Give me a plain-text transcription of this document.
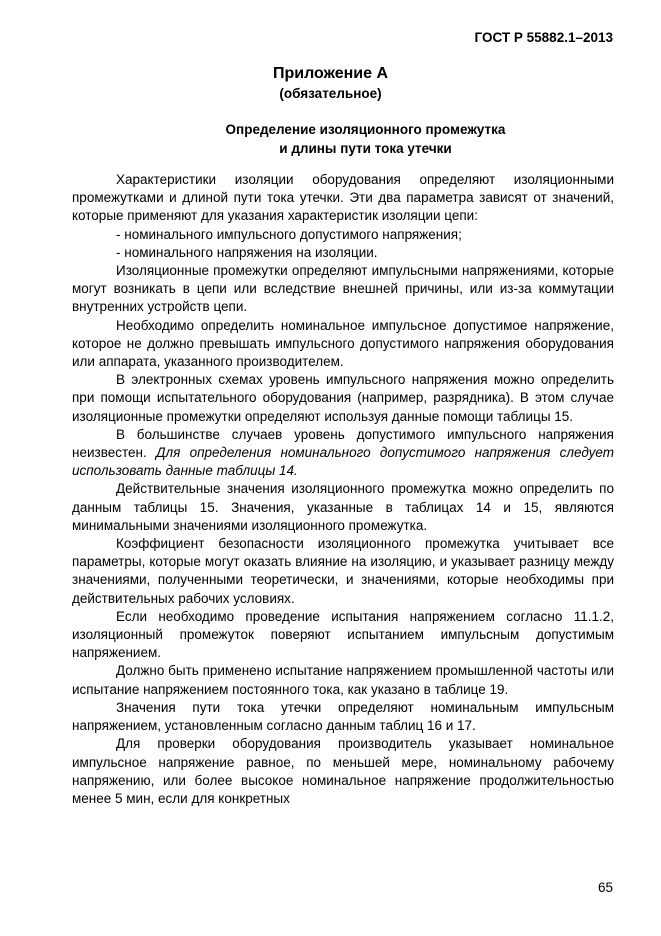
ГОСТ Р 55882.1–2013
Приложение А
(обязательное)
Определение изоляционного промежутка
и длины пути тока утечки

Характеристики изоляции оборудования определяют изоляционными промежутками и длиной пути тока утечки. Эти два параметра зависят от значений, которые применяют для указания характеристик изоляции цепи:

- номинального импульсного допустимого напряжения;

- номинального напряжения на изоляции.

Изоляционные промежутки определяют импульсными напряжениями, которые могут возникать в цепи или вследствие внешней причины, или из-за коммутации внутренних устройств цепи.

Необходимо определить номинальное импульсное допустимое напряжение, которое не должно превышать импульсного допустимого напряжения оборудования или аппарата, указанного производителем.

В электронных схемах уровень импульсного напряжения можно определить при помощи испытательного оборудования (например, разрядника). В этом случае изоляционные промежутки определяют используя данные помощи таблицы 15.

В большинстве случаев уровень допустимого импульсного напряжения неизвестен. Для определения номинального допустимого напряжения следует использовать данные таблицы 14.

Действительные значения изоляционного промежутка можно определить по данным таблицы 15. Значения, указанные в таблицах 14 и 15, являются минимальными значениями изоляционного промежутка.

Коэффициент безопасности изоляционного промежутка учитывает все параметры, которые могут оказать влияние на изоляцию, и указывает разницу между значениями, полученными теоретически, и значениями, которые необходимы при действительных рабочих условиях.

Если необходимо проведение испытания напряжением согласно 11.1.2, изоляционный промежуток поверяют испытанием импульсным допустимым напряжением.

Должно быть применено испытание напряжением промышленной частоты или испытание напряжением постоянного тока, как указано в таблице 19.

Значения пути тока утечки определяют номинальным импульсным напряжением, установленным согласно данным таблиц 16 и 17.

Для проверки оборудования производитель указывает номинальное импульсное напряжение равное, по меньшей мере, номинальному рабочему напряжению, или более высокое номинальное напряжение продолжительностью менее 5 мин, если для конкретных

65
